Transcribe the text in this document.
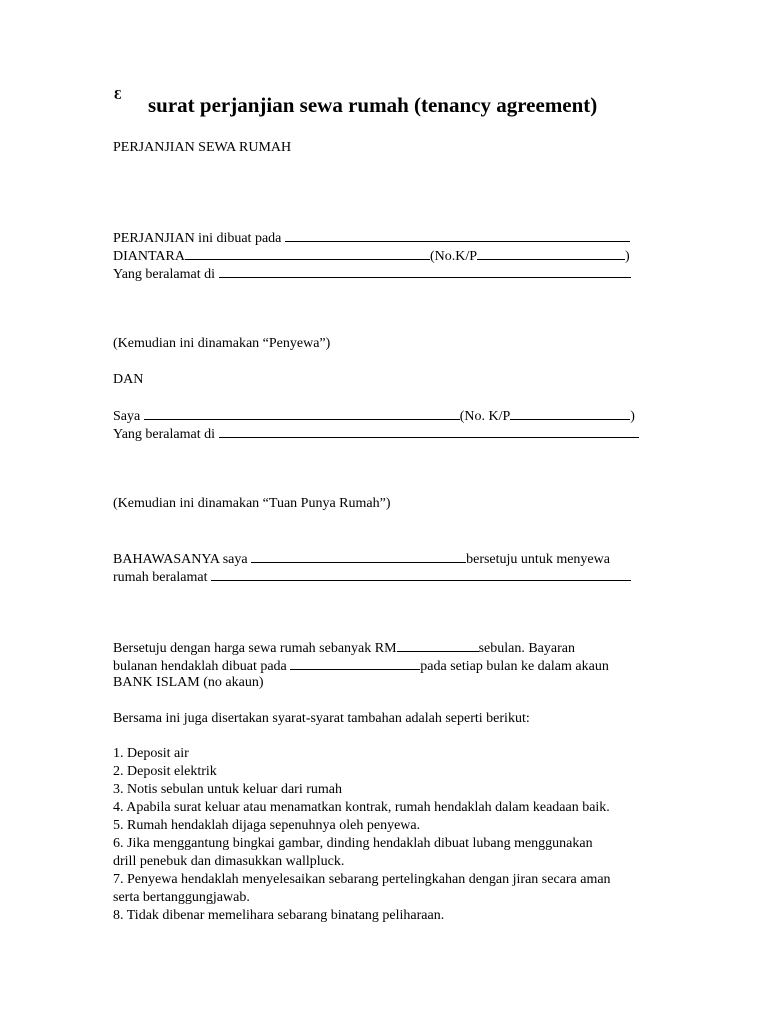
Ɛ surat perjanjian sewa rumah (tenancy agreement)
PERJANJIAN SEWA RUMAH
PERJANJIAN ini dibuat pada
DIANTARA	(No.K/P	)
Yang beralamat di
(Kemudian ini dinamakan “Penyewa”)
DAN
Saya	(No. K/P	)
Yang beralamat di
(Kemudian ini dinamakan “Tuan Punya Rumah”)
BAHAWASANYA saya	bersetuju untuk menyewa
rumah beralamat
Bersetuju dengan harga sewa rumah sebanyak RM	sebulan. Bayaran
bulanan hendaklah dibuat pada	pada setiap bulan ke dalam akaun
BANK ISLAM (no akaun)
Bersama ini juga disertakan syarat-syarat tambahan adalah seperti berikut:
1. Deposit air
2. Deposit elektrik
3. Notis sebulan untuk keluar dari rumah
4. Apabila surat keluar atau menamatkan kontrak, rumah hendaklah dalam keadaan baik.
5. Rumah hendaklah dijaga sepenuhnya oleh penyewa.
6. Jika menggantung bingkai gambar, dinding hendaklah dibuat lubang menggunakan
drill penebuk dan dimasukkan wallpluck.
7. Penyewa hendaklah menyelesaikan sebarang pertelingkahan dengan jiran secara aman
serta bertanggungjawab.
8. Tidak dibenar memelihara sebarang binatang peliharaan.
